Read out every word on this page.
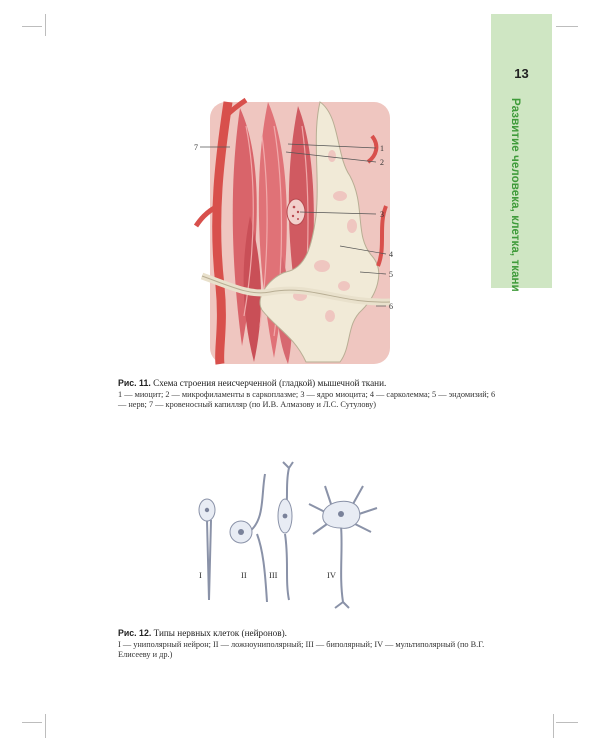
13
Развитие человека, клетка, ткани
7	1
2
3
4
5
6
Рис. 11. Схема строения неисчерченной (гладкой) мышечной ткани.
1 — миоцит; 2 — микрофиламенты в саркоплазме; 3 — ядро миоцита; 4 — сарколемма; 5 — эндомизий; 6 — нерв; 7 — кровеносный капилляр (по И.В. Алмазову и Л.С. Сутулову)
I	II	III	IV
Рис. 12. Типы нервных клеток (нейронов).
I — униполярный нейрон; II — ложноуниполярный; III — биполярный; IV — мультиполярный (по В.Г. Елисееву и др.)
